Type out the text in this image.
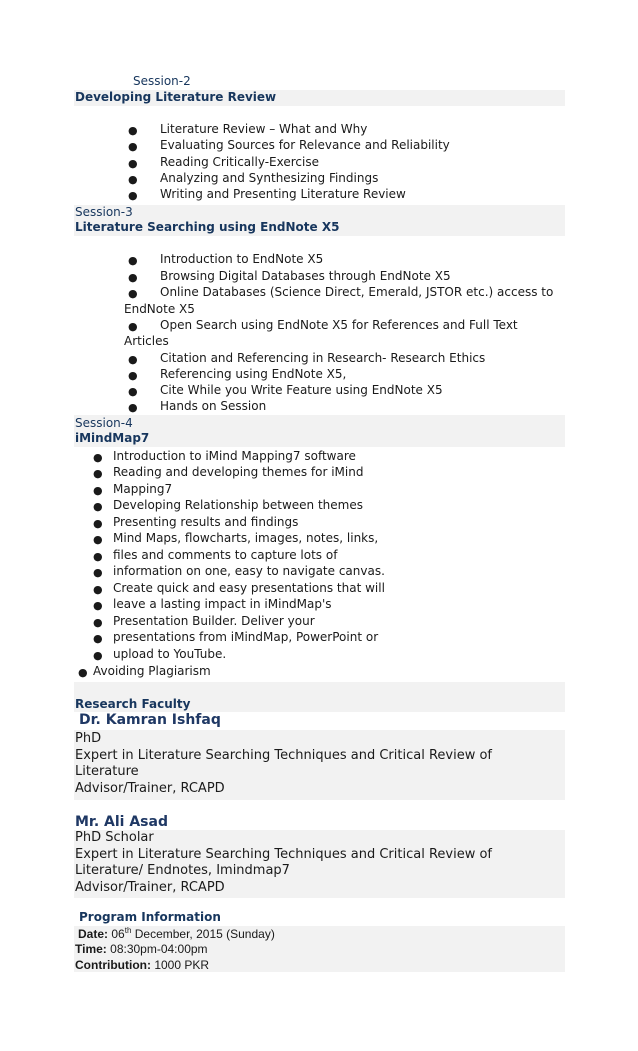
Session-2
Developing Literature Review
● Literature Review – What and Why
● Evaluating Sources for Relevance and Reliability
● Reading Critically-Exercise
● Analyzing and Synthesizing Findings
● Writing and Presenting Literature Review
Session-3
Literature Searching using EndNote X5
● Introduction to EndNote X5
● Browsing Digital Databases through EndNote X5
● Online Databases (Science Direct, Emerald, JSTOR etc.) access to
EndNote X5
● Open Search using EndNote X5 for References and Full Text
Articles
● Citation and Referencing in Research- Research Ethics
● Referencing using EndNote X5,
● Cite While you Write Feature using EndNote X5
● Hands on Session
Session-4
iMindMap7
● Introduction to iMind Mapping7 software
● Reading and developing themes for iMind
● Mapping7
● Developing Relationship between themes
● Presenting results and findings
● Mind Maps, flowcharts, images, notes, links,
● files and comments to capture lots of
● information on one, easy to navigate canvas.
● Create quick and easy presentations that will
● leave a lasting impact in iMindMap's
● Presentation Builder. Deliver your
● presentations from iMindMap, PowerPoint or
● upload to YouTube.
● Avoiding Plagiarism
Research Faculty
Dr. Kamran Ishfaq
PhD
Expert in Literature Searching Techniques and Critical Review of
Literature
Advisor/Trainer, RCAPD
Mr. Ali Asad
PhD Scholar
Expert in Literature Searching Techniques and Critical Review of
Literature/ Endnotes, Imindmap7
Advisor/Trainer, RCAPD
Program Information
Date: 06th December, 2015 (Sunday)
Time: 08:30pm-04:00pm
Contribution: 1000 PKR
